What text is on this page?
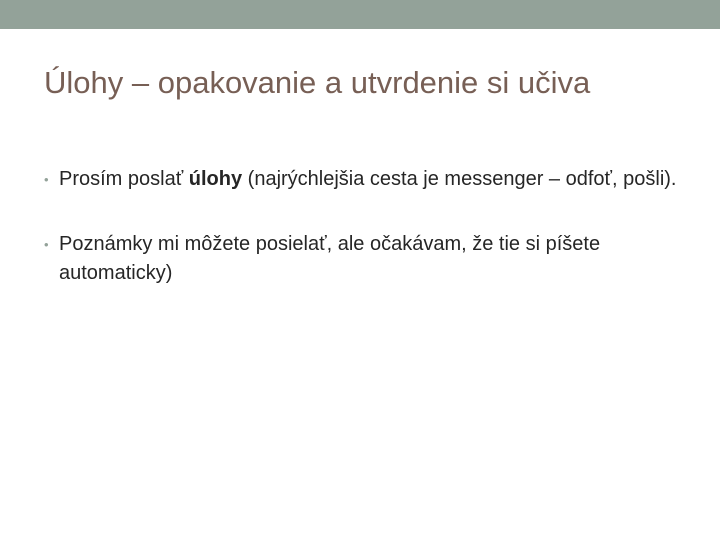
Úlohy – opakovanie a utvrdenie si učiva
• Prosím poslať úlohy (najrýchlejšia cesta je messenger – odfoť, pošli).
• Poznámky mi môžete posielať, ale očakávam, že tie si píšete automaticky)
